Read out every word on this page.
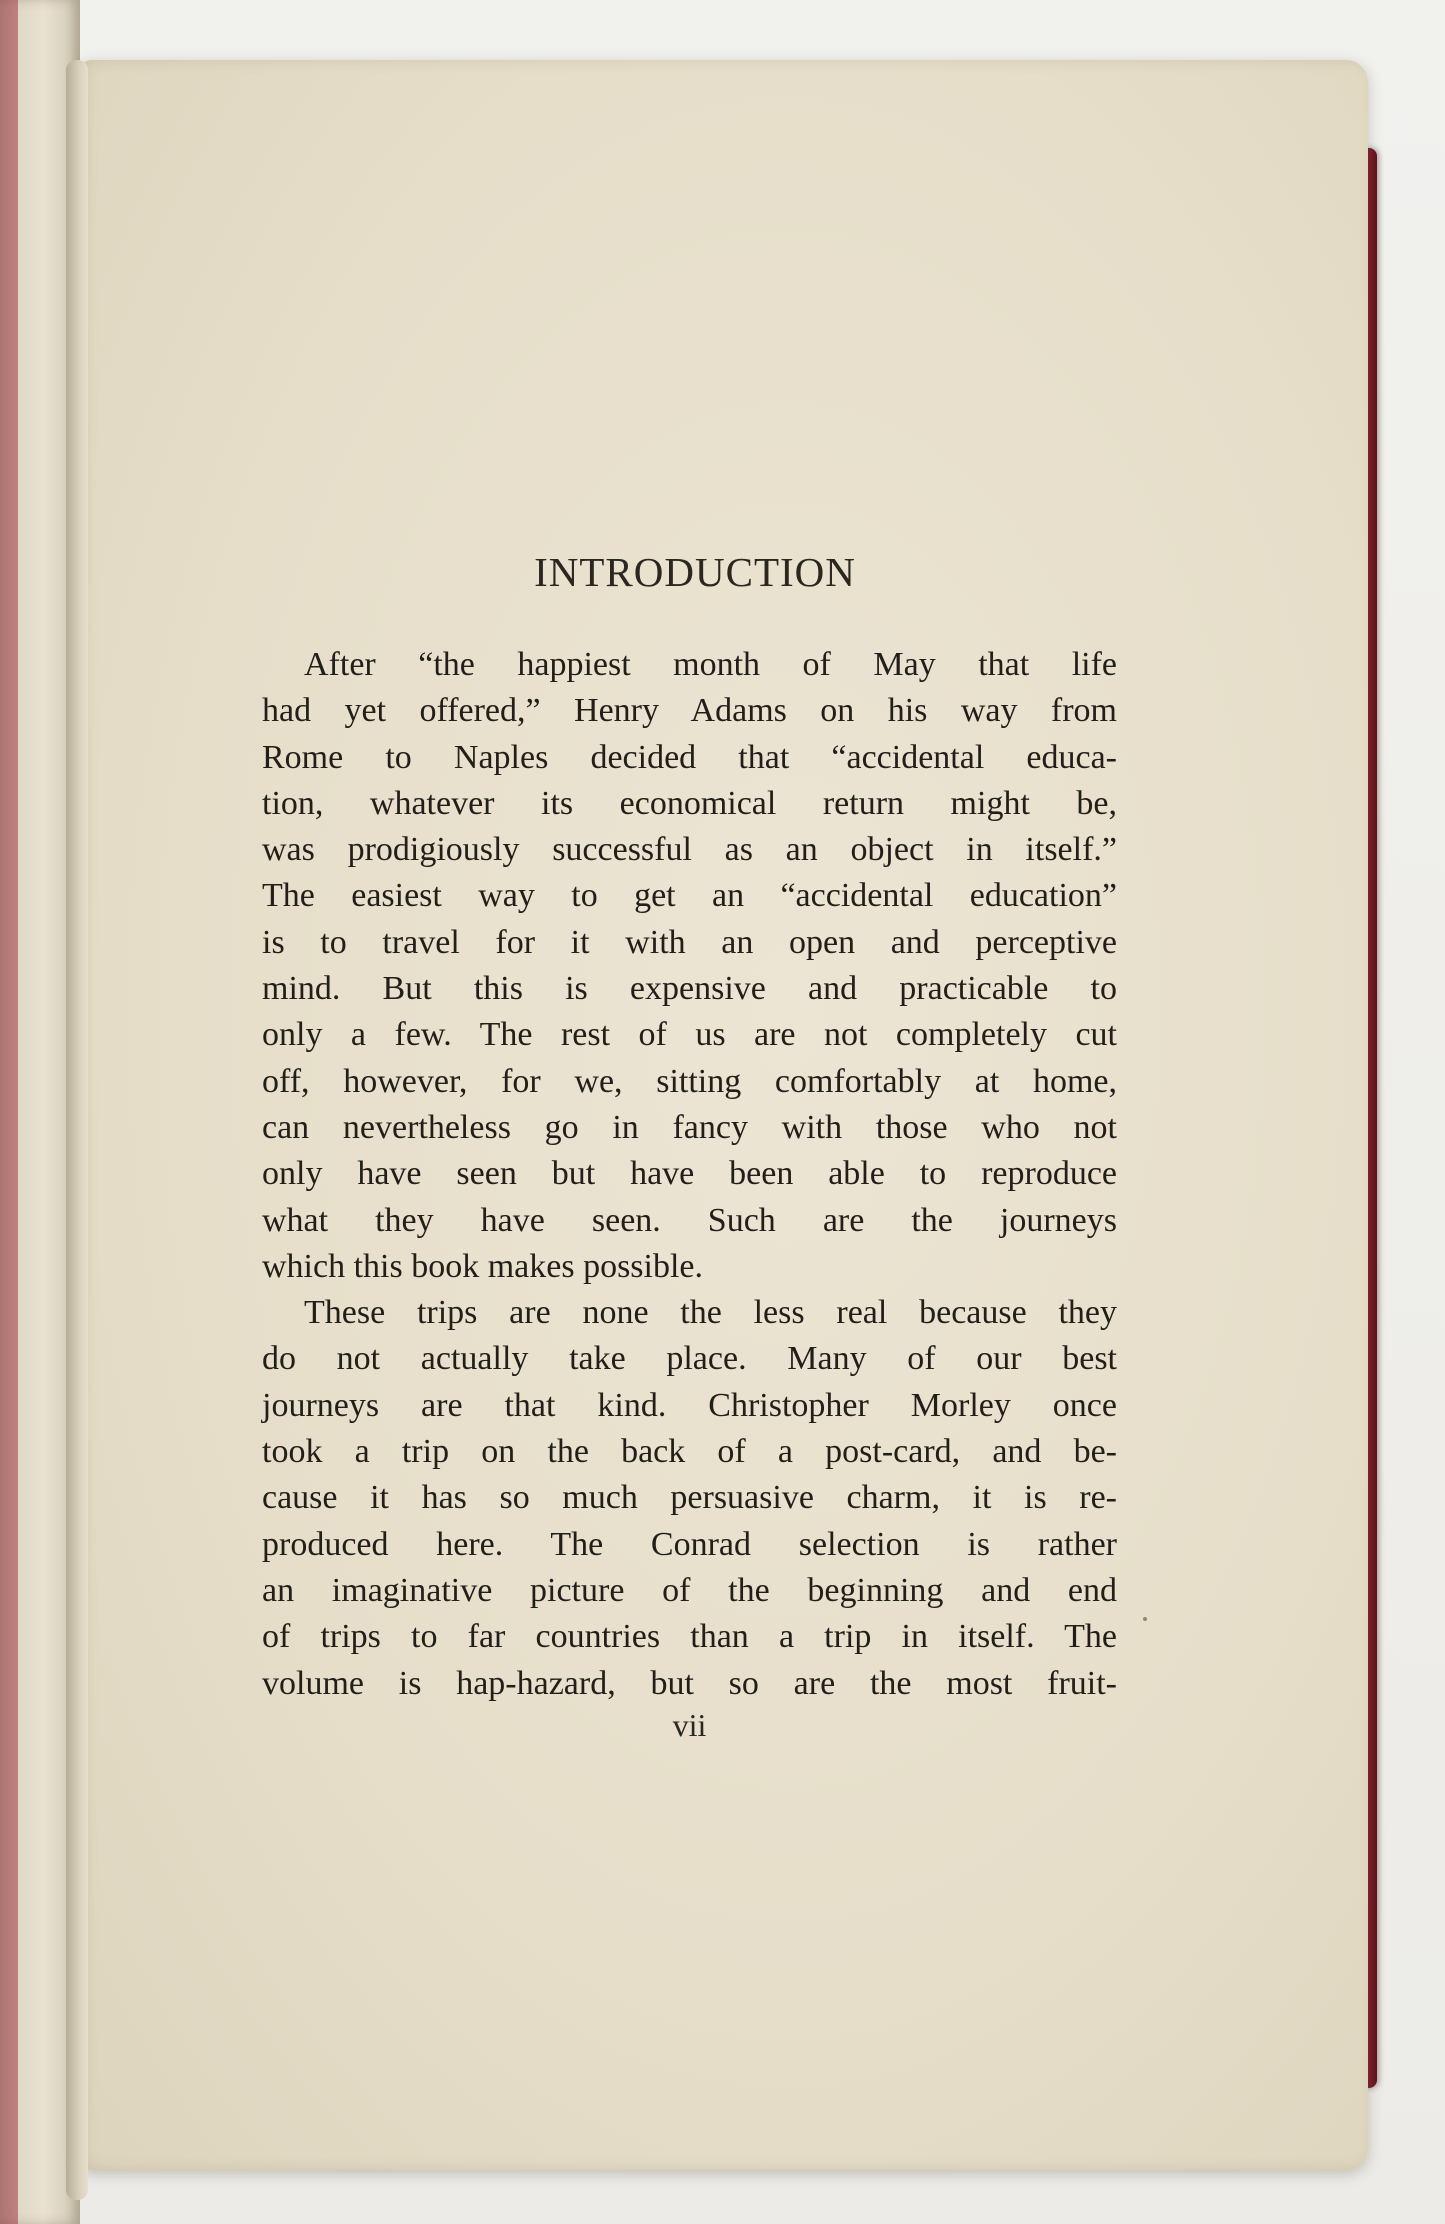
INTRODUCTION
After “the happiest month of May that life
had yet offered,” Henry Adams on his way from
Rome to Naples decided that “accidental educa-
tion, whatever its economical return might be,
was prodigiously successful as an object in itself.”
The easiest way to get an “accidental education”
is to travel for it with an open and perceptive
mind. But this is expensive and practicable to
only a few. The rest of us are not completely cut
off, however, for we, sitting comfortably at home,
can nevertheless go in fancy with those who not
only have seen but have been able to reproduce
what they have seen. Such are the journeys
which this book makes possible.
These trips are none the less real because they
do not actually take place. Many of our best
journeys are that kind. Christopher Morley once
took a trip on the back of a post-card, and be-
cause it has so much persuasive charm, it is re-
produced here. The Conrad selection is rather
an imaginative picture of the beginning and end
of trips to far countries than a trip in itself. The
volume is hap-hazard, but so are the most fruit-
vii
